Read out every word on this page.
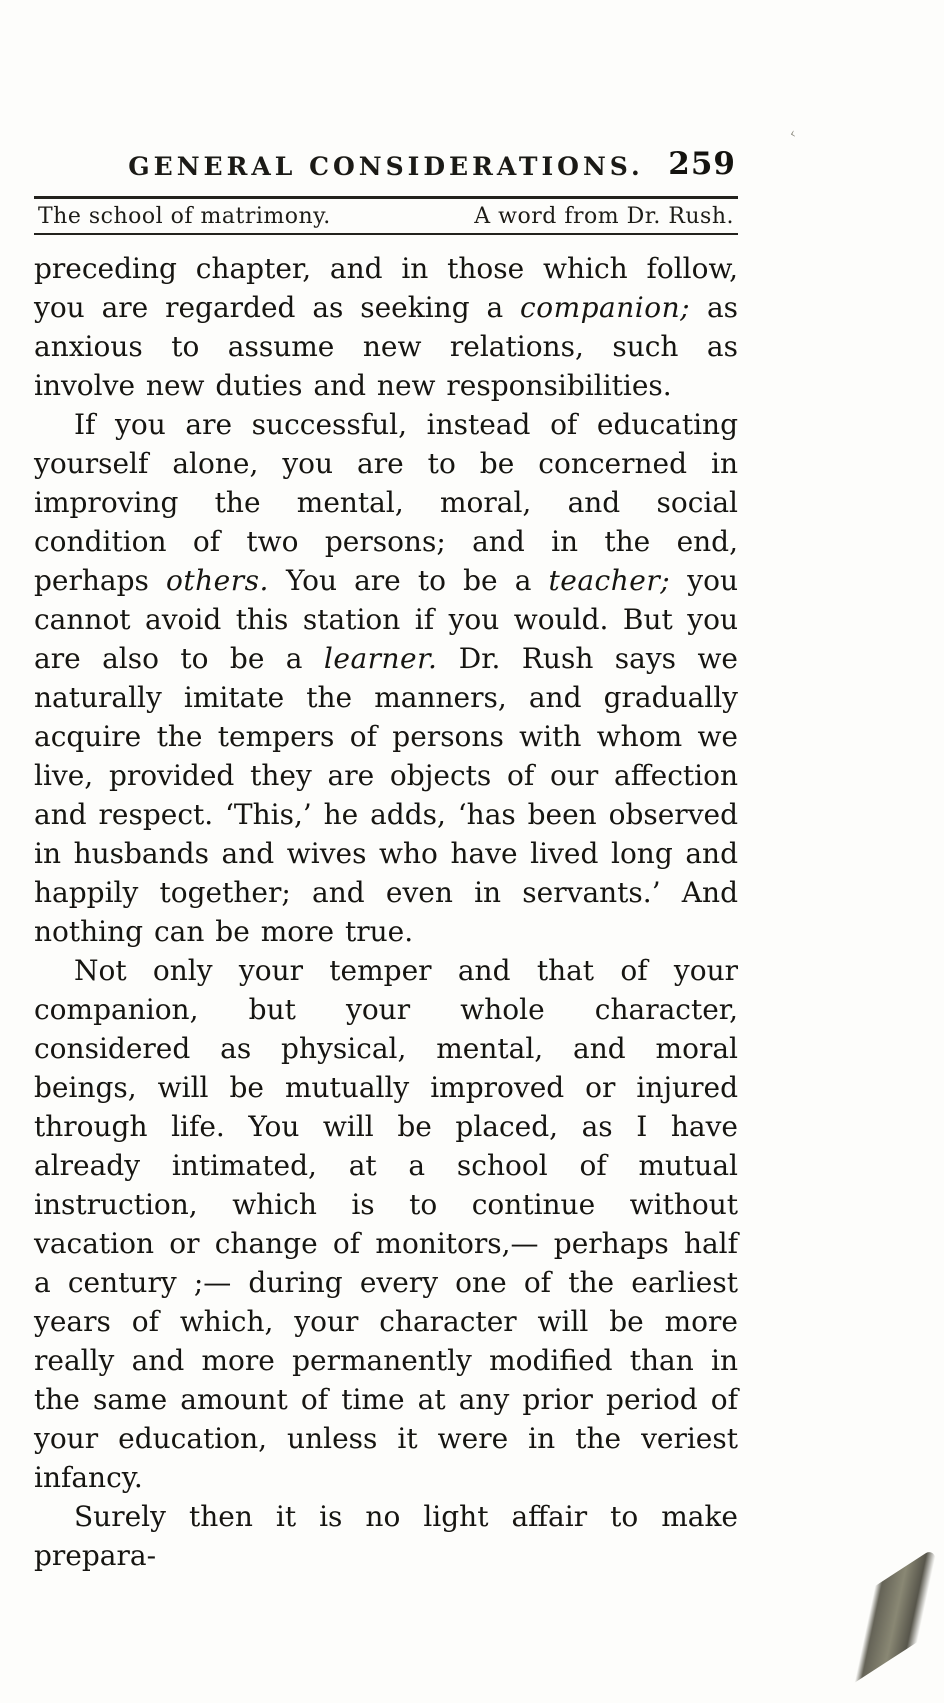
‹
GENERAL CONSIDERATIONS. 259
The school of matrimony.	A word from Dr. Rush.

preceding chapter, and in those which follow, you are regarded as seeking a companion; as anxious to assume new relations, such as involve new duties and new responsibilities.

If you are successful, instead of educating yourself alone, you are to be concerned in improving the mental, moral, and social condition of two persons; and in the end, perhaps others. You are to be a teacher; you cannot avoid this station if you would. But you are also to be a learner. Dr. Rush says we naturally imitate the manners, and gradually acquire the tempers of persons with whom we live, provided they are objects of our affection and respect. ‘This,’ he adds, ‘has been observed in husbands and wives who have lived long and happily together; and even in servants.’ And nothing can be more true.

Not only your temper and that of your companion, but your whole character, considered as physical, mental, and moral beings, will be mutually improved or injured through life. You will be placed, as I have already intimated, at a school of mutual instruction, which is to continue without vacation or change of monitors,— perhaps half a century ;— during every one of the earliest years of which, your character will be more really and more permanently modified than in the same amount of time at any prior period of your education, unless it were in the veriest infancy.

Surely then it is no light affair to make prepara-
